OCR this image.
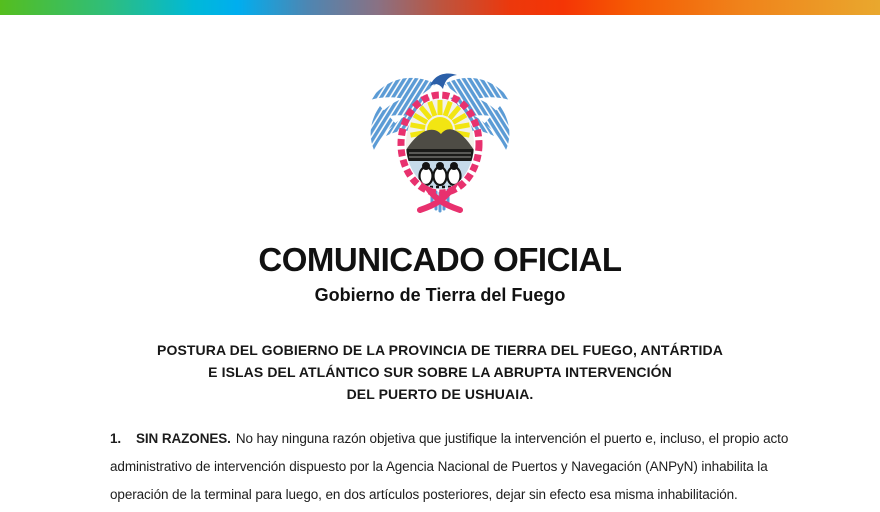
COMUNICADO OFICIAL
Gobierno de Tierra del Fuego
POSTURA DEL GOBIERNO DE LA PROVINCIA DE TIERRA DEL FUEGO, ANTÁRTIDA
E ISLAS DEL ATLÁNTICO SUR SOBRE LA ABRUPTA INTERVENCIÓN
DEL PUERTO DE USHUAIA.

1. SIN RAZONES. No hay ninguna razón objetiva que justifique la intervención el puerto e, incluso, el propio acto

administrativo de intervención dispuesto por la Agencia Nacional de Puertos y Navegación (ANPyN) inhabilita la

operación de la terminal para luego, en dos artículos posteriores, dejar sin efecto esa misma inhabilitación.
